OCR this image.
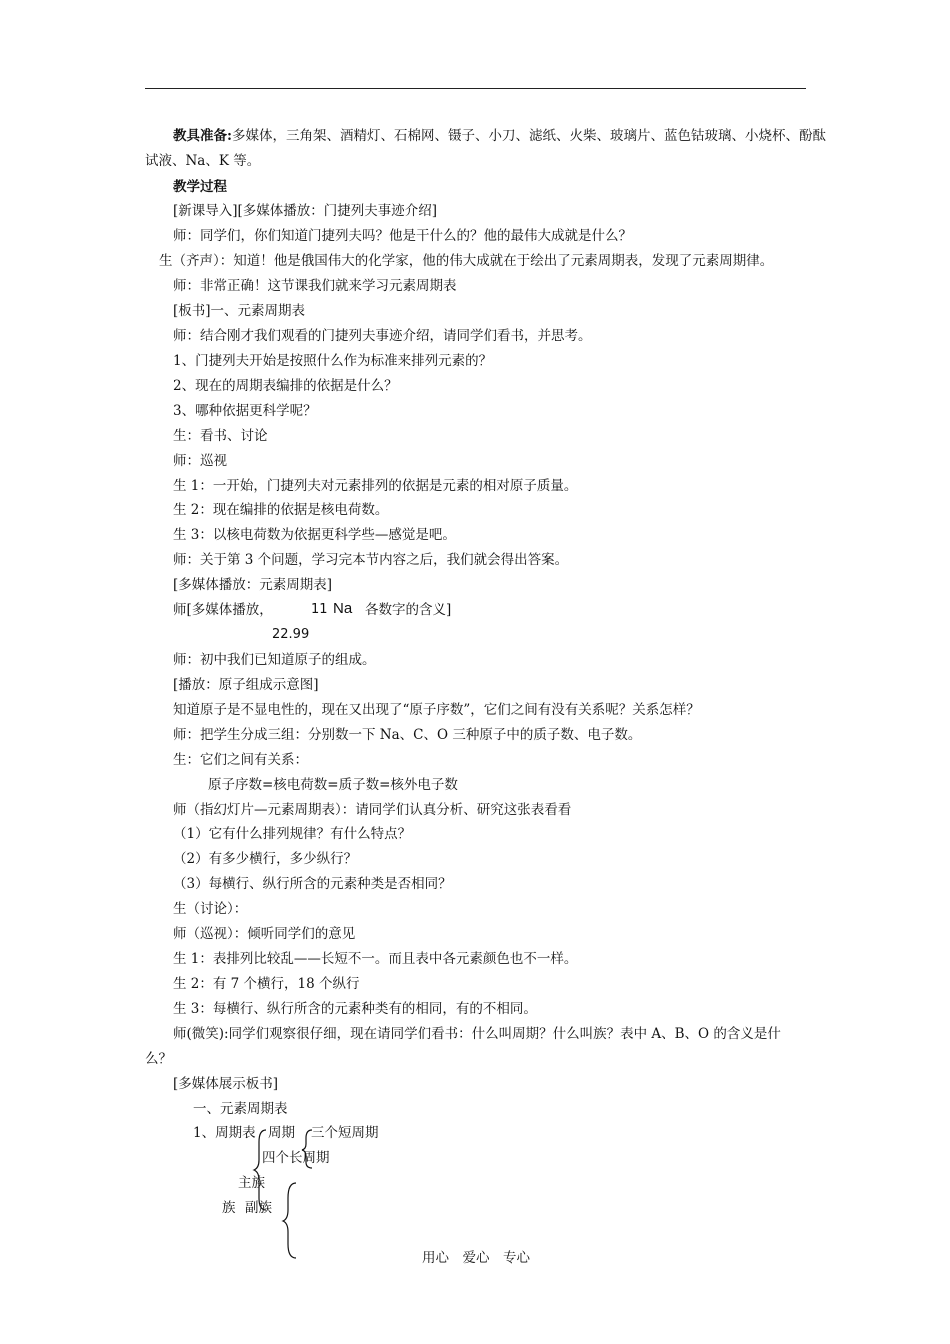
教具准备:多媒体，三角架、酒精灯、石棉网、镊子、小刀、滤纸、火柴、玻璃片、蓝色钴玻璃、小烧杯、酚酞
试液、Na、K 等。
教学过程
[新课导入][多媒体播放：门捷列夫事迹介绍]
师：同学们，你们知道门捷列夫吗？他是干什么的？他的最伟大成就是什么？
生（齐声）：知道！他是俄国伟大的化学家，他的伟大成就在于绘出了元素周期表，发现了元素周期律。
师：非常正确！这节课我们就来学习元素周期表
[板书]一、元素周期表
师：结合刚才我们观看的门捷列夫事迹介绍，请同学们看书，并思考。
1、门捷列夫开始是按照什么作为标准来排列元素的？
2、现在的周期表编排的依据是什么？
3、哪种依据更科学呢？
生：看书、讨论
师：巡视
生 1：一开始，门捷列夫对元素排列的依据是元素的相对原子质量。
生 2：现在编排的依据是核电荷数。
生 3：以核电荷数为依据更科学些—感觉是吧。
师：关于第 3 个问题，学习完本节内容之后，我们就会得出答案。
[多媒体播放：元素周期表]
师[多媒体播放，	11 Na 各数字的含义]
22.99
师：初中我们已知道原子的组成。
[播放：原子组成示意图]
知道原子是不显电性的，现在又出现了“原子序数”，它们之间有没有关系呢？关系怎样？
师：把学生分成三组：分别数一下 Na、C、O 三种原子中的质子数、电子数。
生：它们之间有关系：
原子序数=核电荷数=质子数=核外电子数
师（指幻灯片—元素周期表）：请同学们认真分析、研究这张表看看
（1）它有什么排列规律？有什么特点？
（2）有多少横行，多少纵行？
（3）每横行、纵行所含的元素种类是否相同？
生（讨论）：
师（巡视）：倾听同学们的意见
生 1：表排列比较乱——长短不一。而且表中各元素颜色也不一样。
生 2：有 7 个横行，18 个纵行
生 3：每横行、纵行所含的元素种类有的相同，有的不相同。
师(微笑):同学们观察很仔细，现在请同学们看书：什么叫周期？什么叫族？表中 A、B、O 的含义是什
么？
[多媒体展示板书]
一、元素周期表
1、周期表 周期 三个短周期
四个长周期
主族
族 副族
用心　爱心　专心
